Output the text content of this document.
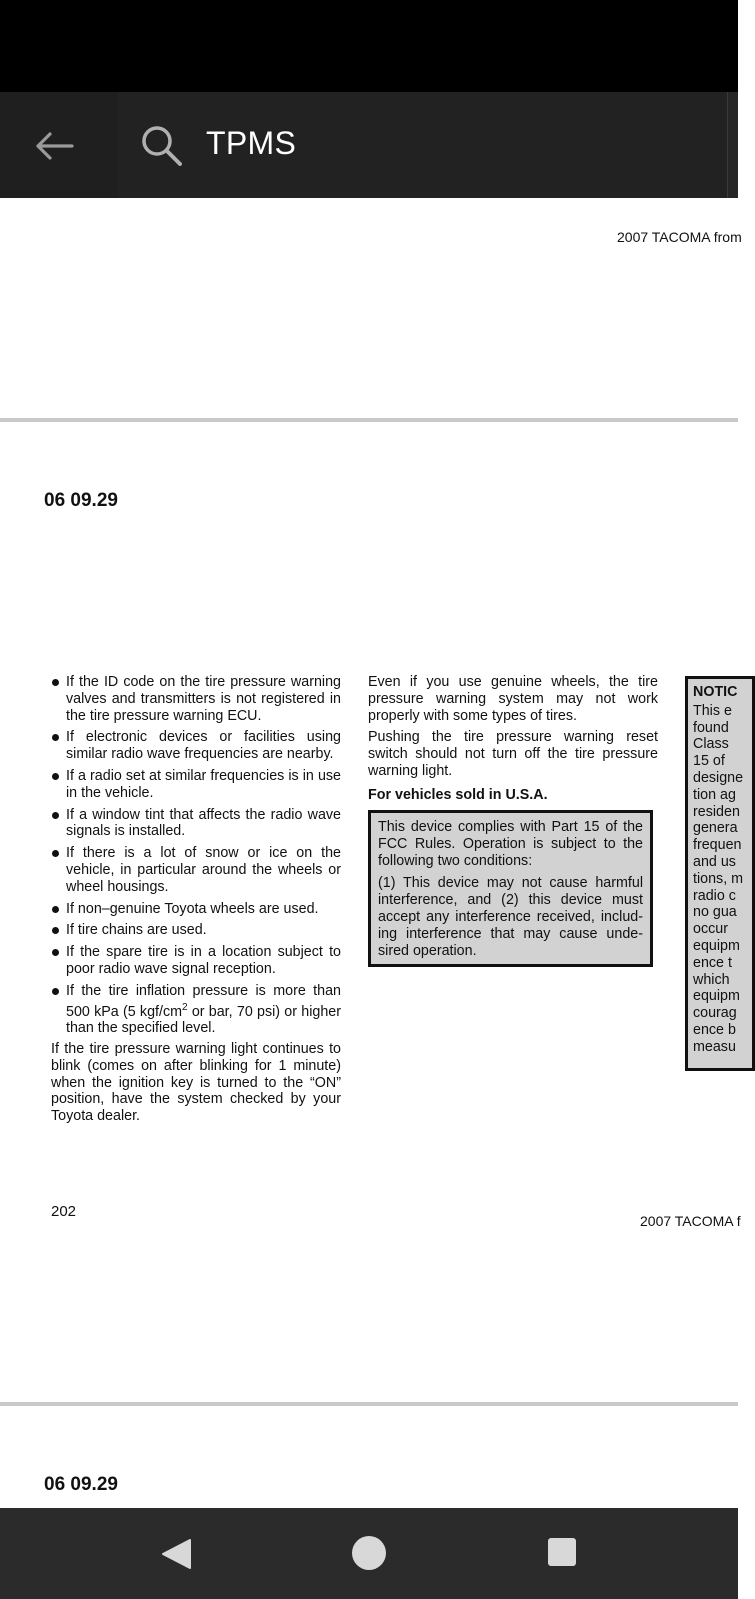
TPMS
2007 TACOMA from
06 09.29
If the ID code on the tire pressure warning valves and transmitters is not registered in the tire pressure warning ECU.
If electronic devices or facilities using similar radio wave frequencies are nearby.
If a radio set at similar frequencies is in use in the vehicle.
If a window tint that affects the radio wave signals is installed.
If there is a lot of snow or ice on the vehicle, in particular around the wheels or wheel housings.
If non–genuine Toyota wheels are used.
If tire chains are used.
If the spare tire is in a location subject to poor radio wave signal reception.
If the tire inflation pressure is more than 500 kPa (5 kgf/$cm^2$ or bar, 70 psi) or higher than the specified level.

If the tire pressure warning light continues to blink (comes on after blinking for 1 minute) when the ignition key is turned to the “ON” position, have the system checked by your Toyota dealer.

Even if you use genuine wheels, the tire pressure warning system may not work properly with some types of tires.

Pushing the tire pressure warning reset switch should not turn off the tire pressure warning light.

For vehicles sold in U.S.A.

This device complies with Part 15 of the FCC Rules. Operation is subject to the following two conditions:

(1) This device may not cause harmful interference, and (2) this device must accept any interference received, includ- ing interference that may cause unde- sired operation.

NOTIC
This e
found
Class
15 of
designe
tion ag
residen
genera
frequen
and us
tions, m
radio c
no gua
occur
equipm
ence t
which
equipm
courag
ence b
measu
202
2007 TACOMA f
06 09.29
